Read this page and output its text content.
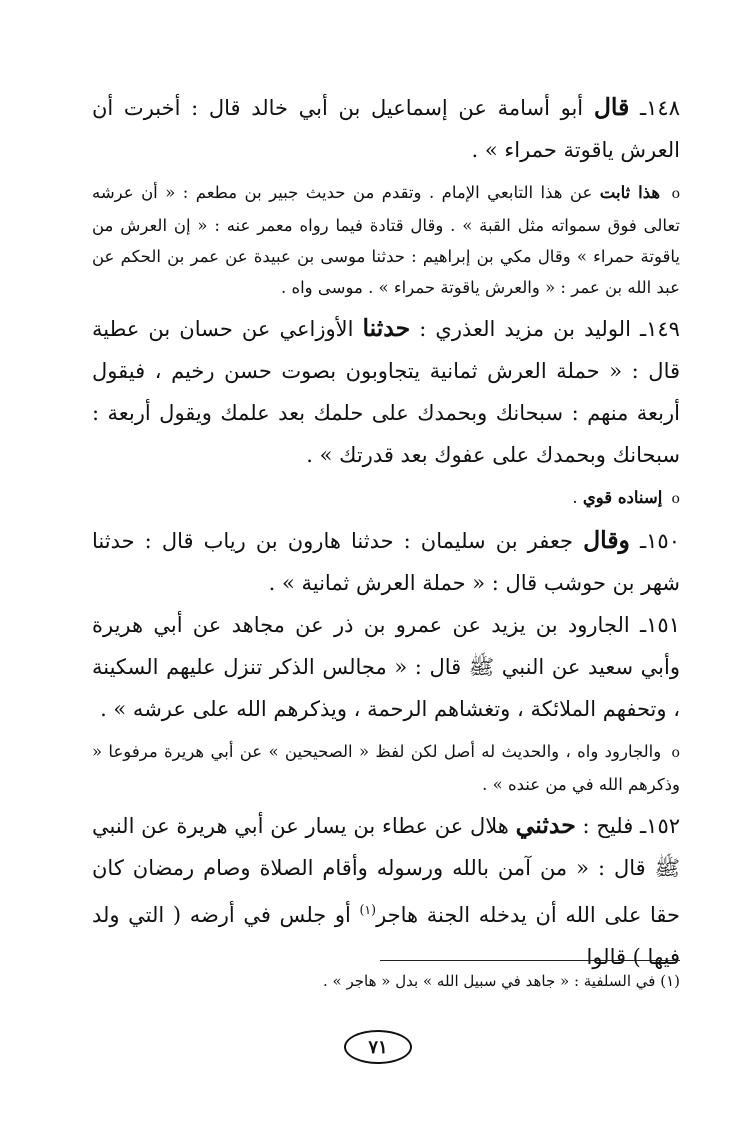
١٤٨ـ قال أبو أسامة عن إسماعيل بن أبي خالد قال : أخبرت أن العرش ياقوتة حمراء » .

o هذا ثابت عن هذا التابعي الإمام . وتقدم من حديث جبير بن مطعم : « أن عرشه تعالى فوق سمواته مثل القبة » . وقال قتادة فيما رواه معمر عنه : « إن العرش من ياقوتة حمراء » وقال مكي بن إبراهيم : حدثنا موسى بن عبيدة عن عمر بن الحكم عن عبد الله بن عمر : « والعرش ياقوتة حمراء » . موسى واه .

١٤٩ـ الوليد بن مزيد العذري : حدثنا الأوزاعي عن حسان بن عطية قال : « حملة العرش ثمانية يتجاوبون بصوت حسن رخيم ، فيقول أربعة منهم : سبحانك وبحمدك على حلمك بعد علمك ويقول أربعة : سبحانك وبحمدك على عفوك بعد قدرتك » .

o إسناده قوي .

١٥٠ـ وقال جعفر بن سليمان : حدثنا هارون بن رياب قال : حدثنا شهر بن حوشب قال : « حملة العرش ثمانية » .

١٥١ـ الجارود بن يزيد عن عمرو بن ذر عن مجاهد عن أبي هريرة وأبي سعيد عن النبي ﷺ قال : « مجالس الذكر تنزل عليهم السكينة ، وتحفهم الملائكة ، وتغشاهم الرحمة ، ويذكرهم الله على عرشه » .

o والجارود واه ، والحديث له أصل لكن لفظ « الصحيحين » عن أبي هريرة مرفوعا « وذكرهم الله في من عنده » .

١٥٢ـ فليح : حدثني هلال عن عطاء بن يسار عن أبي هريرة عن النبي ﷺ قال : « من آمن بالله ورسوله وأقام الصلاة وصام رمضان كان حقا على الله أن يدخله الجنة هاجر$^{(١)}$ أو جلس في أرضه ( التي ولد فيها ) قالوا

(١) في السلفية : « جاهد في سبيل الله » بدل « هاجر » .
٧١
